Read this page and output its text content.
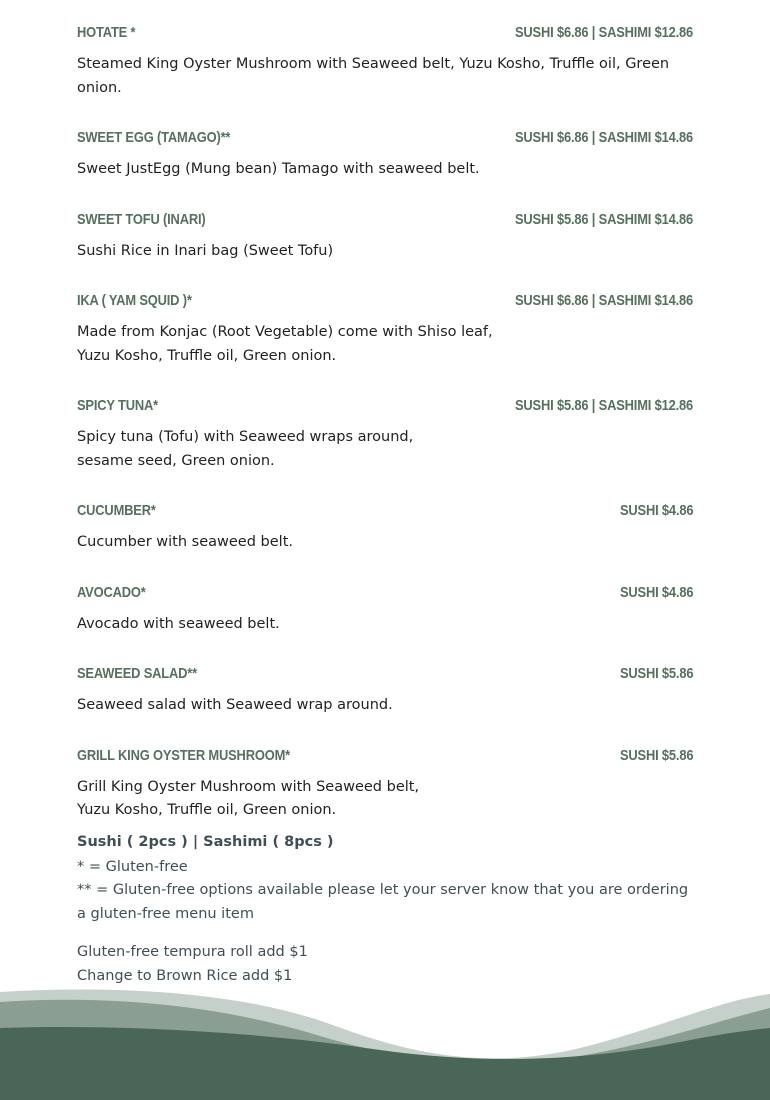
HOTATE *	SUSHI $6.86 | SASHIMI $12.86
Steamed King Oyster Mushroom with Seaweed belt, Yuzu Kosho, Truffle oil, Green onion.
SWEET EGG (TAMAGO)**	SUSHI $6.86 | SASHIMI $14.86
Sweet JustEgg (Mung bean) Tamago with seaweed belt.
SWEET TOFU (INARI)	SUSHI $5.86 | SASHIMI $14.86
Sushi Rice in Inari bag (Sweet Tofu)
IKA ( YAM SQUID )*	SUSHI $6.86 | SASHIMI $14.86
Made from Konjac (Root Vegetable) come with Shiso leaf,
Yuzu Kosho, Truffle oil, Green onion.
SPICY TUNA*	SUSHI $5.86 | SASHIMI $12.86
Spicy tuna (Tofu) with Seaweed wraps around,
sesame seed, Green onion.
CUCUMBER*	SUSHI $4.86
Cucumber with seaweed belt.
AVOCADO*	SUSHI $4.86
Avocado with seaweed belt.
SEAWEED SALAD**	SUSHI $5.86
Seaweed salad with Seaweed wrap around.
GRILL KING OYSTER MUSHROOM*	SUSHI $5.86
Grill King Oyster Mushroom with Seaweed belt,
Yuzu Kosho, Truffle oil, Green onion.
Sushi ( 2pcs ) | Sashimi ( 8pcs )
* = Gluten-free
** = Gluten-free options available please let your server know that you are ordering a gluten-free menu item
Gluten-free tempura roll add $1
Change to Brown Rice add $1
